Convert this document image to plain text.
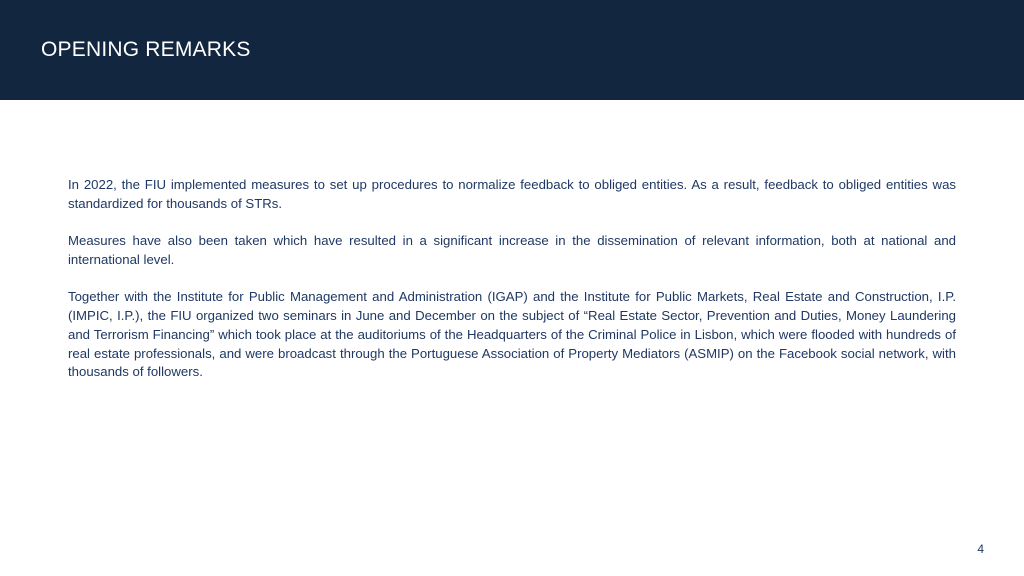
OPENING REMARKS

In 2022, the FIU implemented measures to set up procedures to normalize feedback to obliged entities. As a result, feedback to obliged entities was standardized for thousands of STRs.

Measures have also been taken which have resulted in a significant increase in the dissemination of relevant information, both at national and international level.

Together with the Institute for Public Management and Administration (IGAP) and the Institute for Public Markets, Real Estate and Construction, I.P. (IMPIC, I.P.), the FIU organized two seminars in June and December on the subject of “Real Estate Sector, Prevention and Duties, Money Laundering and Terrorism Financing” which took place at the auditoriums of the Headquarters of the Criminal Police in Lisbon, which were flooded with hundreds of real estate professionals, and were broadcast through the Portuguese Association of Property Mediators (ASMIP) on the Facebook social network, with thousands of followers.

4
